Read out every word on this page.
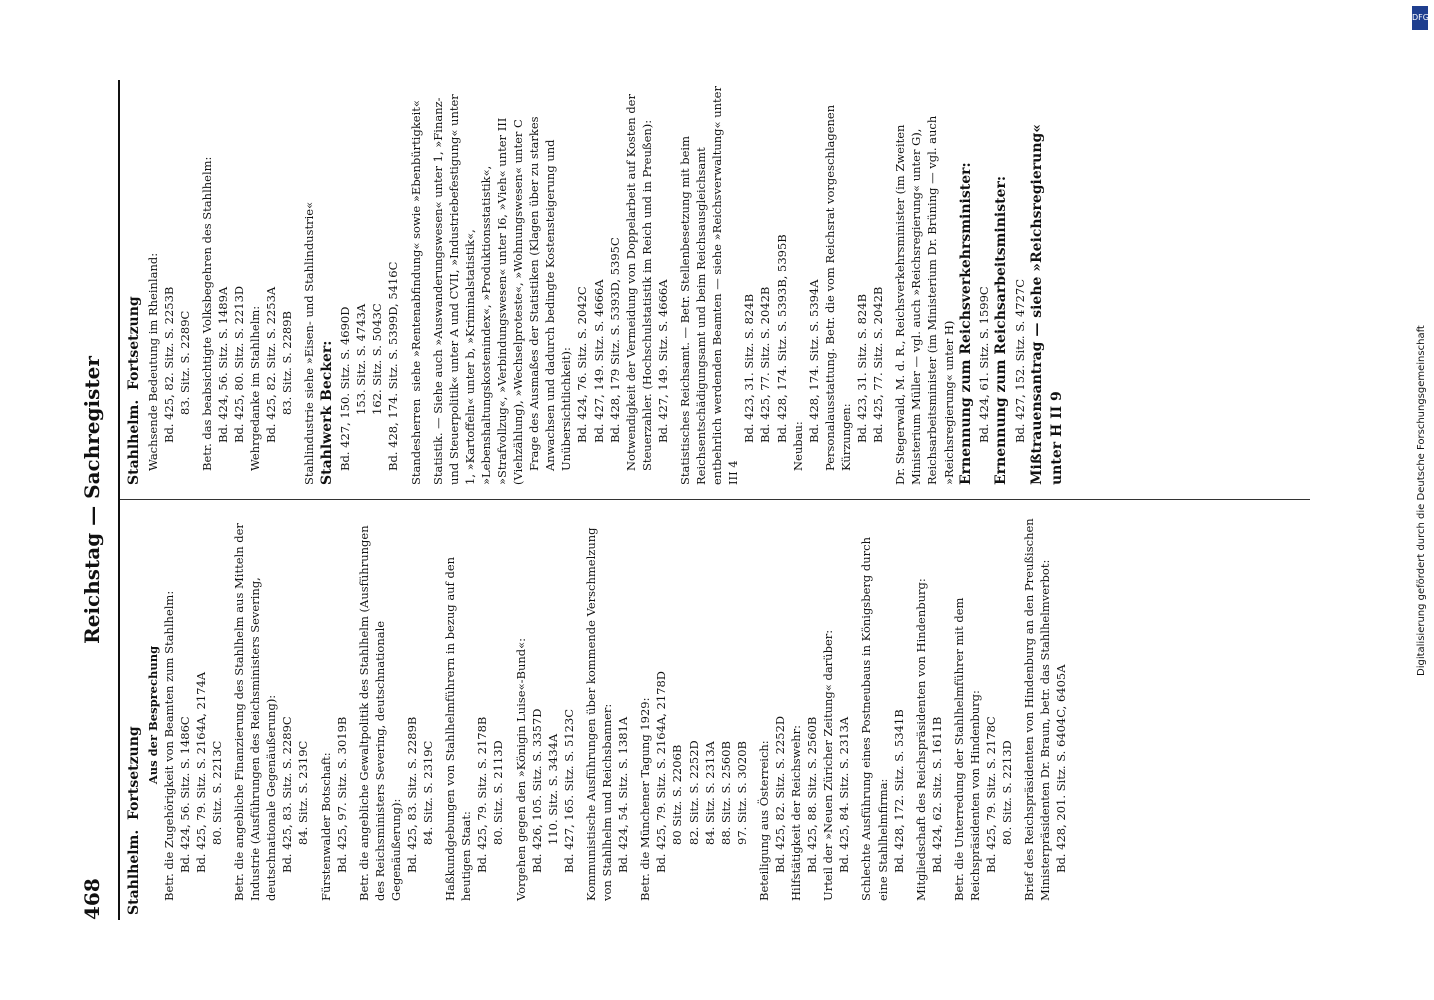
468
Reichstag — Sachregister
Stahlhelm.  Fortsetzung
Aus der Besprechung Betr. die Zugehörigkeit von Beamten zum Stahlhelm: Bd. 424, 56. Sitz. S. 1486C Bd. 425, 79. Sitz. S. 2164A, 2174A 80. Sitz. S. 2213C Betr. die angebliche Finanzierung des Stahlhelm aus Mitteln der Industrie (Ausführungen des Reichsministers Severing, deutschnationale Gegenäußerung): Bd. 425, 83. Sitz. S. 2289C 84. Sitz. S. 2319C Fürstenwalder Botschaft: Bd. 425, 97. Sitz. S. 3019B Betr. die angebliche Gewaltpolitik des Stahlhelm (Ausführungen des Reichsministers Severing, deutschnationale Gegenäußerung): Bd. 425, 83. Sitz. S. 2289B 84. Sitz. S. 2319C Haßkundgebungen von Stahlhelmführern in bezug auf den heutigen Staat: Bd. 425, 79. Sitz. S. 2178B 80. Sitz. S. 2113D Vorgehen gegen den »Königin Luise«-Bund«: Bd. 426, 105. Sitz. S. 3357D 110. Sitz. S. 3434A Bd. 427, 165. Sitz. S. 5123C Kommunistische Ausführungen über kommende Verschmelzung von Stahlhelm und Reichsbanner: Bd. 424, 54. Sitz. S. 1381A Betr. die Münchener Tagung 1929: Bd. 425, 79. Sitz. S. 2164A, 2178D 80 Sitz. S. 2206B 82. Sitz. S. 2252D 84. Sitz. S. 2313A 88. Sitz. S. 2560B 97. Sitz. S. 3020B Beteiligung aus Österreich: Bd. 425, 82. Sitz. S. 2252D Hilfstätigkeit der Reichswehr: Bd. 425, 88. Sitz. S. 2560B Urteil der »Neuen Züricher Zeitung« darüber: Bd. 425, 84. Sitz. S. 2313A Schlechte Ausführung eines Postneubaus in Königsberg durch eine Stahlhelmfirma: Bd. 428, 172. Sitz. S. 5341B Mitgliedschaft des Reichspräsidenten von Hindenburg: Bd. 424, 62. Sitz. S. 1611B Betr. die Unterredung der Stahlhelmführer mit dem Reichspräsidenten von Hindenburg: Bd. 425, 79. Sitz. S. 2178C 80. Sitz. S. 2213D Brief des Reichspräsidenten von Hindenburg an den Preußischen Ministerpräsidenten Dr. Braun, betr. das Stahlhelmverbot: Bd. 428, 201. Sitz. S. 6404C, 6405A
Stahlhelm.  Fortsetzung Wachsende Bedeutung im Rheinland: Bd. 425, 82. Sitz. S. 2253B 83. Sitz. S. 2289C Betr. das beabsichtigte Volksbegehren des Stahlhelm: Bd. 424, 56. Sitz. S. 1489A Bd. 425, 80. Sitz. S. 2213D Wehrgedanke im Stahlhelm: Bd. 425, 82. Sitz. S. 2253A 83. Sitz. S. 2289B Stahlindustrie siehe »Eisen- und Stahlindustrie« Stahlwerk Becker: Bd. 427, 150. Sitz. S. 4690D 153. Sitz. S. 4743A 162. Sitz. S. 5043C Bd. 428, 174. Sitz. S. 5399D, 5416C Standesherren  siehe »Rentenabfindung« sowie »Ebenbürtigkeit« Statistik. — Siehe auch »Auswanderungswesen« unter 1, »Finanz- und Steuerpolitik« unter A und CVII, »Industriebefestigung« unter 1, »Kartoffeln« unter b, »Kriminalstatistik«, »Lebenshaltungskostenindex«, »Produktionsstatistik«, »Strafvollzug«, »Verbindungswesen« unter I6, »Vieh« unter III (Viehzählung), »Wechselproteste«, »Wohnungswesen« unter C Frage des Ausmaßes der Statistiken (Klagen über zu starkes Anwachsen und dadurch bedingte Kostensteigerung und Unübersichtlichkeit): Bd. 424, 76. Sitz. S. 2042C Bd. 427, 149. Sitz. S. 4666A Bd. 428, 179 Sitz. S. 5393D, 5395C Notwendigkeit der Vermeidung von Doppelarbeit auf Kosten der Steuerzahler. (Hochschulstatistik im Reich und in Preußen): Bd. 427, 149. Sitz. S. 4666A Statistisches Reichsamt. — Betr. Stellenbesetzung mit beim Reichsentschädigungsamt und beim Reichsausgleichsamt entbehrlich werdenden Beamten — siehe »Reichsverwaltung« unter III 4
Bd. 423, 31. Sitz. S. 824B Bd. 425, 77. Sitz. S. 2042B Bd. 428, 174. Sitz. S. 5393B, 5395B
Neubau:
Bd. 428, 174. Sitz. S. 5394A Personalausstattung. Betr. die vom Reichsrat vorgeschlagenen Kürzungen: Bd. 423, 31. Sitz. S. 824B Bd. 425, 77. Sitz. S. 2042B Dr. Stegerwald, M. d. R., Reichsverkehrsminister (im Zweiten Ministerium Müller — vgl. auch »Reichsregierung« unter G), Reichsarbeitsminister (im Ministerium Dr. Brüning — vgl. auch »Reichsregierung« unter H) Ernennung zum Reichsverkehrsminister: Bd. 424, 61. Sitz. S. 1599C Ernennung zum Reichsarbeitsminister: Bd. 427, 152. Sitz. S. 4727C Mißtrauensantrag — siehe »Reichsregierung« unter H II 9
DFG
Digitalisierung gefördert durch die Deutsche Forschungsgemeinschaft
